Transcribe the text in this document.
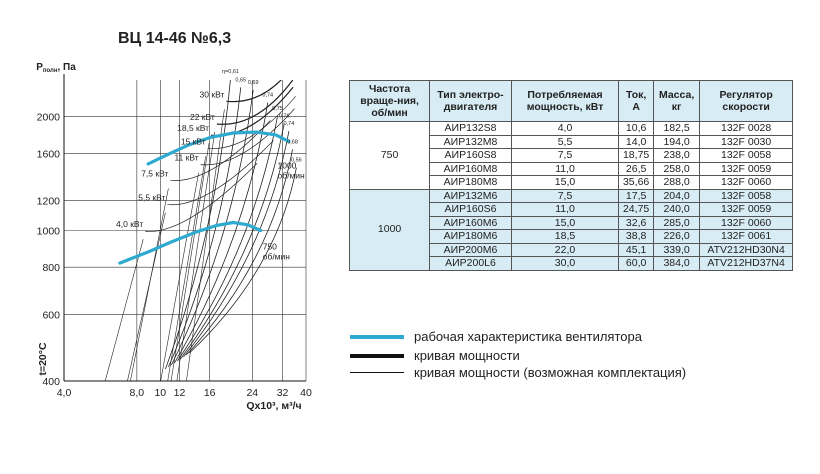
ВЦ 14-46 №6,3
4,0	8,0 10 12 16	24 32 40
2000
1600
1200
1000
800
600
400
$P_{полн}$, Па
Qх10³, м³/ч
t=20°C
30 кВт
22 кВт
18,5 кВт
15 кВт
11 кВт
7,5 кВт
5,5 кВт
4,0 кВт
η=0,61
0,65 0,69
0,74
0,75
0,76
0,74
0,68
0,56
1000
об/мин
750
об/мин
Частота враще-ния, об/мин	Тип электро-двигателя	Потребляемая мощность, кВт	Ток, А	Масса, кг	Регулятор скорости
750	АИР132S8	4,0	10,6	182,5	132F 0028
	АИР132М8	5,5	14,0	194,0	132F 0030
	АИР160S8	7,5	18,75	238,0	132F 0058
	АИР160М8	11,0	26,5	258,0	132F 0059
	АИР180М8	15,0	35,66	288,0	132F 0060
1000	АИР132М6	7,5	17,5	204,0	132F 0058
	АИР160S6	11,0	24,75	240,0	132F 0059
	АИР160М6	15,0	32,6	285,0	132F 0060
	АИР180М6	18,5	38,8	226,0	132F 0061
	АИР200М6	22,0	45,1	339,0	ATV212HD30N4
	АИР200L6	30,0	60,0	384,0	ATV212HD37N4
рабочая характеристика вентилятора
кривая мощности
кривая мощности (возможная комплектация)
